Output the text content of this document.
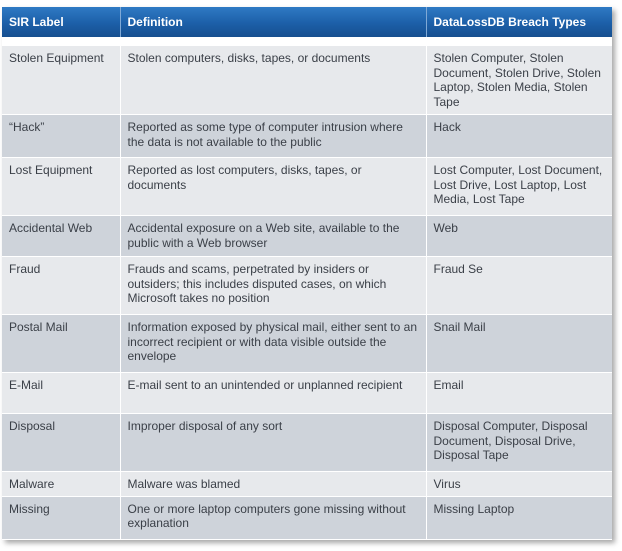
SIR Label	Definition	DataLossDB Breach Types

Stolen Equipment	Stolen computers, disks, tapes, or documents	Stolen Computer, Stolen Document, Stolen Drive, Stolen Laptop, Stolen Media, Stolen Tape
“Hack”	Reported as some type of computer intrusion where the data is not available to the public	Hack
Lost Equipment	Reported as lost computers, disks, tapes, or documents	Lost Computer, Lost Document, Lost Drive, Lost Laptop, Lost Media, Lost Tape
Accidental Web	Accidental exposure on a Web site, available to the public with a Web browser	Web
Fraud	Frauds and scams, perpetrated by insiders or outsiders; this includes disputed cases, on which Microsoft takes no position	Fraud Se
Postal Mail	Information exposed by physical mail, either sent to an incorrect recipient or with data visible outside the envelope	Snail Mail
E-Mail	E-mail sent to an unintended or unplanned recipient	Email
Disposal	Improper disposal of any sort	Disposal Computer, Disposal Document, Disposal Drive, Disposal Tape
Malware	Malware was blamed	Virus
Missing	One or more laptop computers gone missing without explanation	Missing Laptop
